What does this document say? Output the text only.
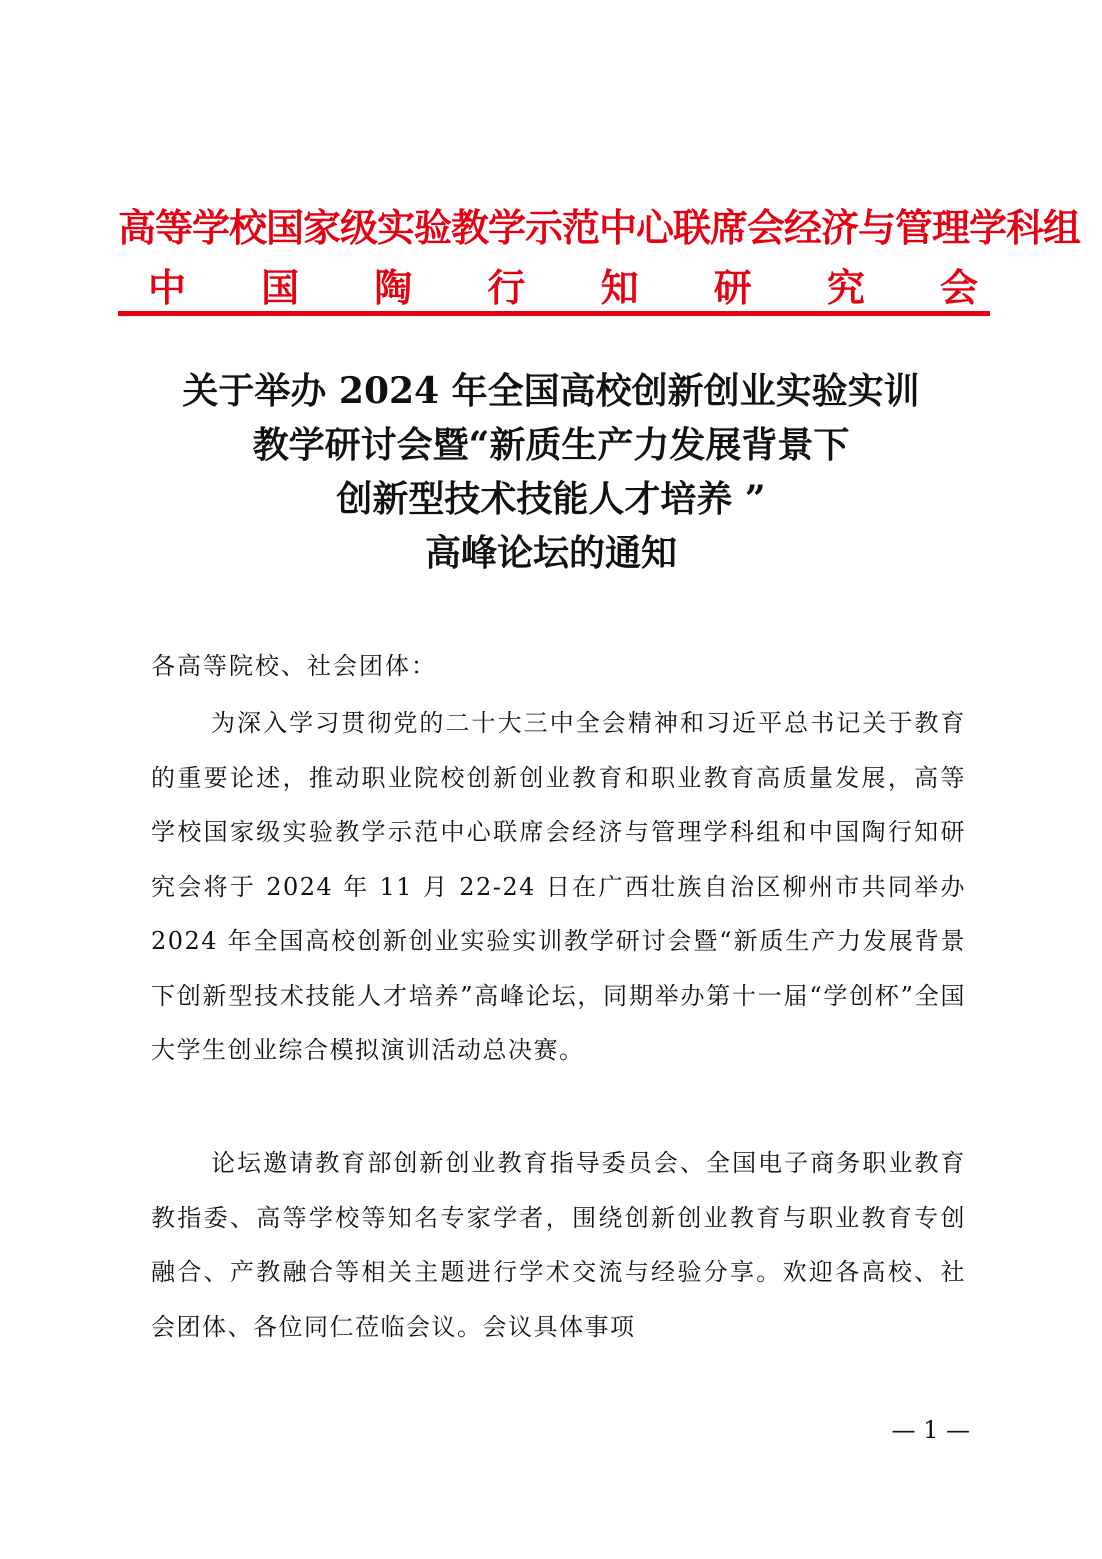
高等学校国家级实验教学示范中心联席会经济与管理学科组
中 国 陶 行 知 研 究 会
关于举办 2024 年全国高校创新创业实验实训
教学研讨会暨“新质生产力发展背景下
创新型技术技能人才培养 ”
高峰论坛的通知
各高等院校、社会团体：
为深入学习贯彻党的二十大三中全会精神和习近平总书记关于教育的重要论述，推动职业院校创新创业教育和职业教育高质量发展，高等学校国家级实验教学示范中心联席会经济与管理学科组和中国陶行知研究会将于 2024 年 11 月 22-24 日在广西壮族自治区柳州市共同举办 2024 年全国高校创新创业实验实训教学研讨会暨“新质生产力发展背景下创新型技术技能人才培养”高峰论坛，同期举办第十一届“学创杯”全国大学生创业综合模拟演训活动总决赛。
论坛邀请教育部创新创业教育指导委员会、全国电子商务职业教育教指委、高等学校等知名专家学者，围绕创新创业教育与职业教育专创融合、产教融合等相关主题进行学术交流与经验分享。欢迎各高校、社会团体、各位同仁莅临会议。会议具体事项
— 1 —
